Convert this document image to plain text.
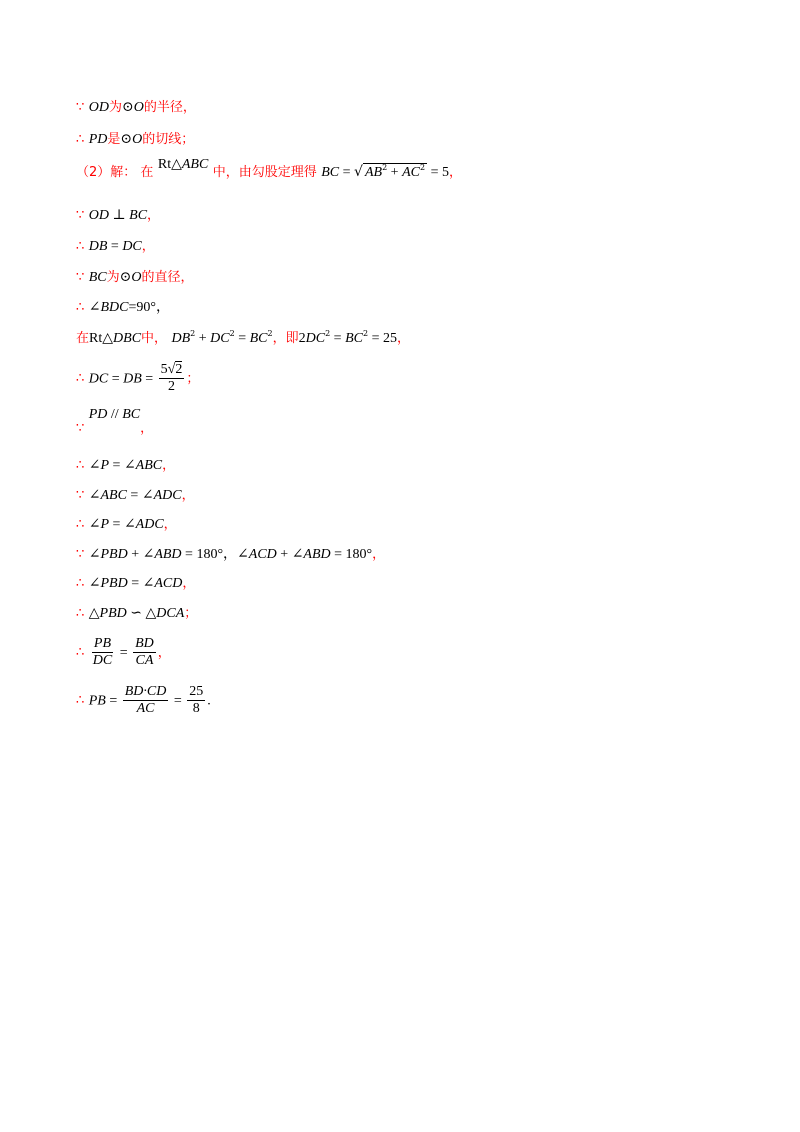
∵ OD为⊙O的半径，
∴ PD是⊙O的切线；
（2）解： 在 Rt△ABC 中，由勾股定理得 BC = √ $AB^2 + AC^2 = 5$，
∵ OD ⊥ BC，
∴ DB = DC，
∵ BC为⊙O的直径，
∴ ∠BDC=90°，
在Rt△DBC中， $DB^2 + DC^2 = BC^2$，即$2DC^2 = BC^2 = 25$，
∴ DC = DB = $\frac{5√2}{2}$ ；
∵ PD // BC，
∴ ∠P = ∠ABC，
∵ ∠ABC = ∠ADC，
∴ ∠P = ∠ADC，
∵ ∠PBD + ∠ABD = 180°，∠ACD + ∠ABD = 180°，
∴ ∠PBD = ∠ACD，
∴ △PBD ∽ △DCA；
∴ $\frac{PB}{DC} = \frac{BD}{CA}$ ，
∴ PB = $\frac{BD\cdot CD}{AC} = \frac{25}{8}$ .
